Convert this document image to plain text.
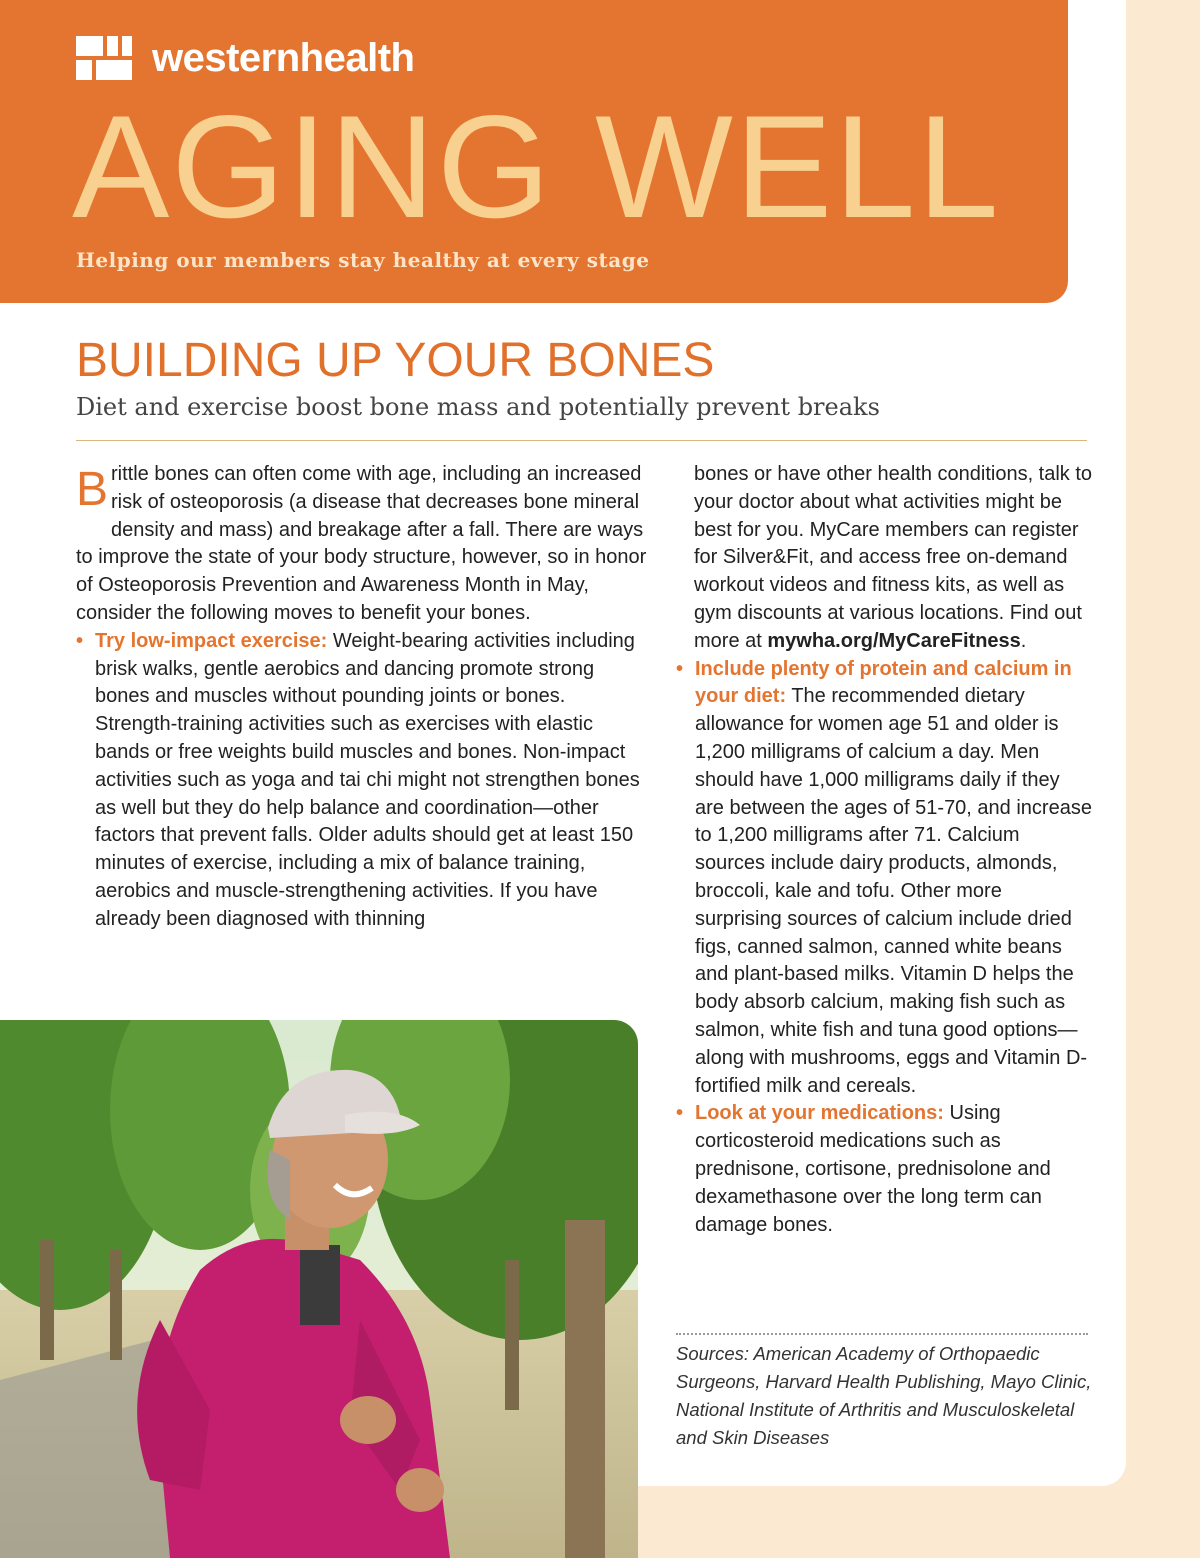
westernhealth
AGING WELL

Helping our members stay healthy at every stage

BUILDING UP YOUR BONES

Diet and exercise boost bone mass and potentially prevent breaks

Brittle bones can often come with age, including an increased risk of osteoporosis (a disease that decreases bone mineral density and mass) and breakage after a fall. There are ways to improve the state of your body structure, however, so in honor of Osteoporosis Prevention and Awareness Month in May, consider the following moves to benefit your bones.

• Try low-impact exercise: Weight-bearing activities including brisk walks, gentle aerobics and dancing promote strong bones and muscles without pounding joints or bones. Strength-training activities such as exercises with elastic bands or free weights build muscles and bones. Non-impact activities such as yoga and tai chi might not strengthen bones as well but they do help balance and coordination—other factors that prevent falls. Older adults should get at least 150 minutes of exercise, including a mix of balance training, aerobics and muscle-strengthening activities. If you have already been diagnosed with thinning

bones or have other health conditions, talk to your doctor about what activities might be best for you. MyCare members can register for Silver&Fit, and access free on-demand workout videos and fitness kits, as well as gym discounts at various locations. Find out more at mywha.org/MyCareFitness.

• Include plenty of protein and calcium in your diet: The recommended dietary allowance for women age 51 and older is 1,200 milligrams of calcium a day. Men should have 1,000 milligrams daily if they are between the ages of 51-70, and increase to 1,200 milligrams after 71. Calcium sources include dairy products, almonds, broccoli, kale and tofu. Other more surprising sources of calcium include dried figs, canned salmon, canned white beans and plant-based milks. Vitamin D helps the body absorb calcium, making fish such as salmon, white fish and tuna good options—along with mushrooms, eggs and Vitamin D-fortified milk and cereals.
• Look at your medications: Using corticosteroid medications such as prednisone, cortisone, prednisolone and dexamethasone over the long term can damage bones.

Sources: American Academy of Orthopaedic Surgeons, Harvard Health Publishing, Mayo Clinic, National Institute of Arthritis and Musculoskeletal and Skin Diseases
